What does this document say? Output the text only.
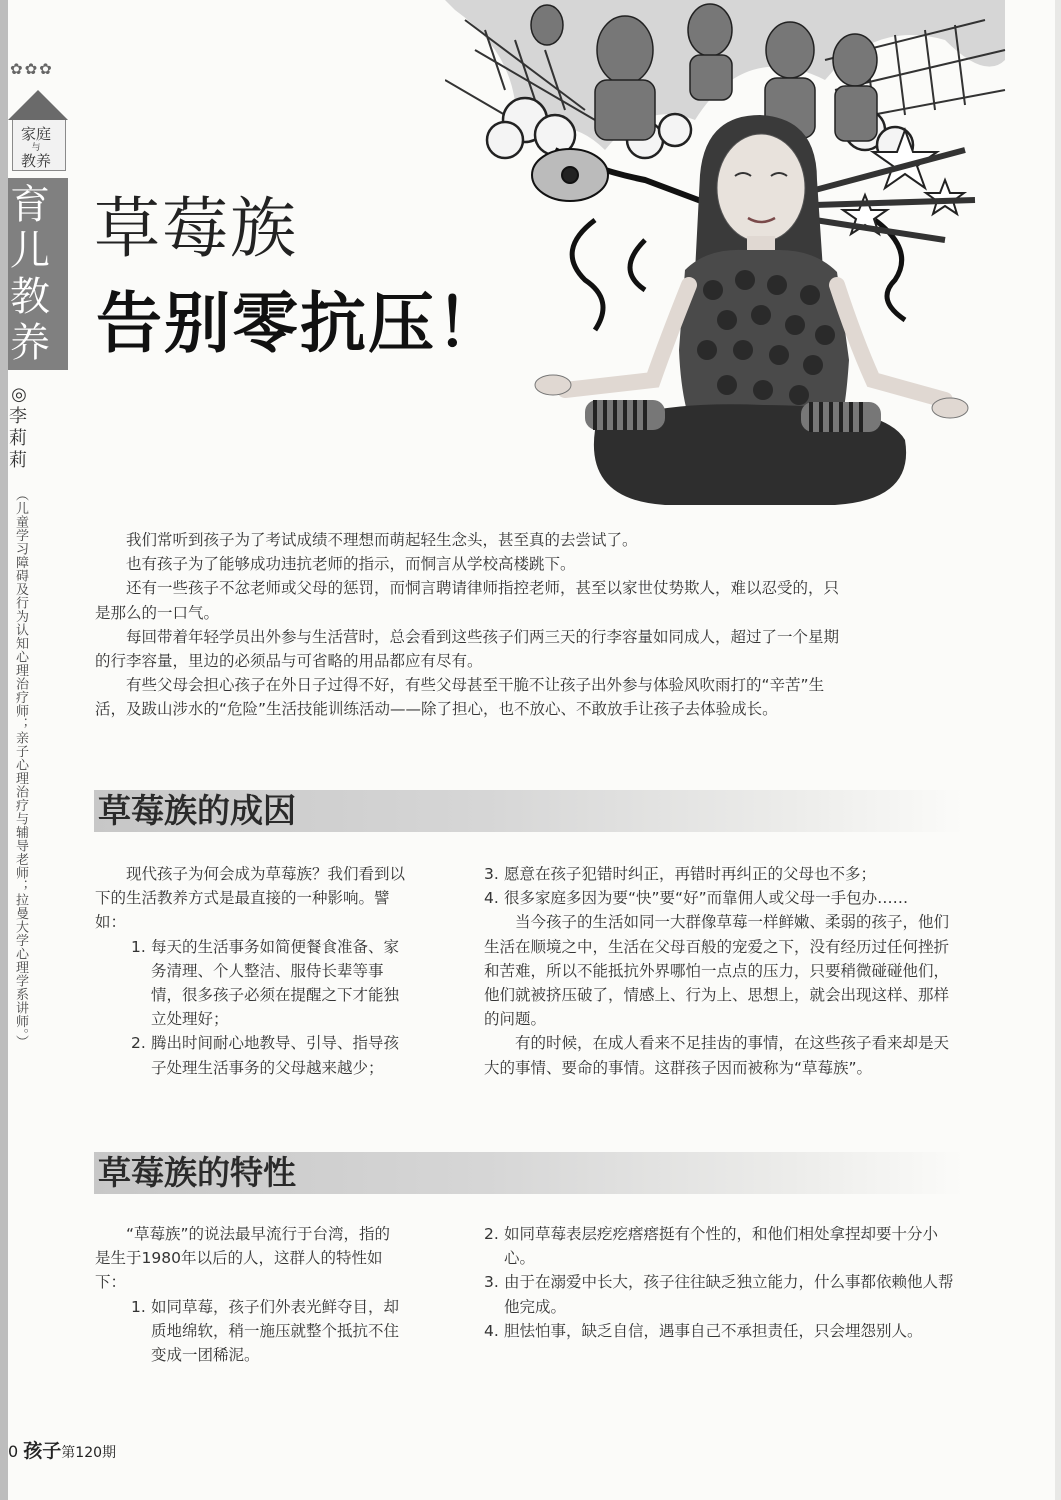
✿✿✿
家庭
与
教养
育儿
教养
◎
李莉莉
（儿童学习障碍及行为认知心理治疗师；亲子心理治疗与辅导老师；拉曼大学心理学系讲师。）
草莓族
告别零抗压！

我们常听到孩子为了考试成绩不理想而萌起轻生念头，甚至真的去尝试了。

也有孩子为了能够成功违抗老师的指示，而恫言从学校高楼跳下。

还有一些孩子不忿老师或父母的惩罚，而恫言聘请律师指控老师，甚至以家世仗势欺人，难以忍受的，只是那么的一口气。

每回带着年轻学员出外参与生活营时，总会看到这些孩子们两三天的行李容量如同成人，超过了一个星期的行李容量，里边的必须品与可省略的用品都应有尽有。

有些父母会担心孩子在外日子过得不好，有些父母甚至干脆不让孩子出外参与体验风吹雨打的“辛苦”生活，及跋山涉水的“危险”生活技能训练活动——除了担心，也不放心、不敢放手让孩子去体验成长。

草莓族的成因

现代孩子为何会成为草莓族？我们看到以下的生活教养方式是最直接的一种影响。譬如：

1. 每天的生活事务如简便餐食准备、家务清理、个人整洁、服侍长辈等事情，很多孩子必须在提醒之下才能独立处理好；
2. 腾出时间耐心地教导、引导、指导孩子处理生活事务的父母越来越少；
3. 愿意在孩子犯错时纠正，再错时再纠正的父母也不多；
4. 很多家庭多因为要“快”要“好”而靠佣人或父母一手包办……

当今孩子的生活如同一大群像草莓一样鲜嫩、柔弱的孩子，他们生活在顺境之中，生活在父母百般的宠爱之下，没有经历过任何挫折和苦难，所以不能抵抗外界哪怕一点点的压力，只要稍微碰碰他们，他们就被挤压破了，情感上、行为上、思想上，就会出现这样、那样的问题。

有的时候，在成人看来不足挂齿的事情，在这些孩子看来却是天大的事情、要命的事情。这群孩子因而被称为“草莓族”。

草莓族的特性

“草莓族”的说法最早流行于台湾，指的是生于1980年以后的人，这群人的特性如下：

1. 如同草莓，孩子们外表光鲜夺目，却质地绵软，稍一施压就整个抵抗不住变成一团稀泥。
2. 如同草莓表层疙疙瘩瘩挺有个性的，和他们相处拿捏却要十分小心。
3. 由于在溺爱中长大，孩子往往缺乏独立能力，什么事都依赖他人帮他完成。
4. 胆怯怕事，缺乏自信，遇事自己不承担责任，只会埋怨别人。
0 孩子第120期
